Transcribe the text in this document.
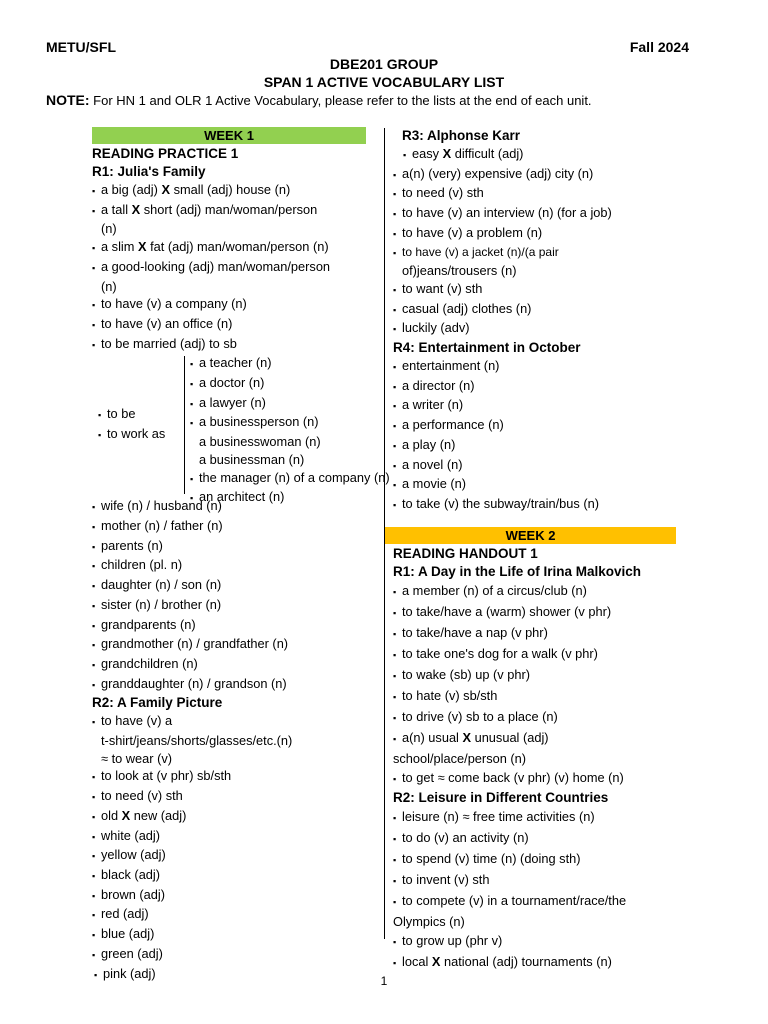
METU/SFL	Fall 2024
DBE201 GROUP
SPAN 1 ACTIVE VOCABULARY LIST
NOTE: For HN 1 and OLR 1 Active Vocabulary, please refer to the lists at the end of each unit.
WEEK 1
READING PRACTICE 1
R1: Julia's Family
▪ a big (adj) X small (adj) house (n)
▪ a tall X short (adj) man/woman/person
(n)
▪ a slim X fat (adj) man/woman/person (n)
▪ a good-looking (adj) man/woman/person
(n)
▪ to have (v) a company (n)
▪ to have (v) an office (n)
▪ to be married (adj) to sb
▪ to be
▪ to work as
▪ a teacher (n)
▪ a doctor (n)
▪ a lawyer (n)
▪ a businessperson (n)
a businesswoman (n)
a businessman (n)
▪ the manager (n) of a company (n)
▪ an architect (n)
▪ wife (n) / husband (n)
▪ mother (n) / father (n)
▪ parents (n)
▪ children (pl. n)
▪ daughter (n) / son (n)
▪ sister (n) / brother (n)
▪ grandparents (n)
▪ grandmother (n) / grandfather (n)
▪ grandchildren (n)
▪ granddaughter (n) / grandson (n)
R2: A Family Picture
▪ to have (v) a
t-shirt/jeans/shorts/glasses/etc.(n)
≈ to wear (v)
▪ to look at (v phr) sb/sth
▪ to need (v) sth
▪ old X new (adj)
▪ white (adj)
▪ yellow (adj)
▪ black (adj)
▪ brown (adj)
▪ red (adj)
▪ blue (adj)
▪ green (adj)
▪ pink (adj)
R3: Alphonse Karr
▪ easy X difficult (adj)
▪ a(n) (very) expensive (adj) city (n)
▪ to need (v) sth
▪ to have (v) an interview (n) (for a job)
▪ to have (v) a problem (n)
▪ to have (v) a jacket (n)/(a pair
of)jeans/trousers (n)
▪ to want (v) sth
▪ casual (adj) clothes (n)
▪ luckily (adv)
R4: Entertainment in October
▪ entertainment (n)
▪ a director (n)
▪ a writer (n)
▪ a performance (n)
▪ a play (n)
▪ a novel (n)
▪ a movie (n)
▪ to take (v) the subway/train/bus (n)
WEEK 2
READING HANDOUT 1
R1: A Day in the Life of Irina Malkovich
▪ a member (n) of a circus/club (n)
▪ to take/have a (warm) shower (v phr)
▪ to take/have a nap (v phr)
▪ to take one's dog for a walk (v phr)
▪ to wake (sb) up (v phr)
▪ to hate (v) sb/sth
▪ to drive (v) sb to a place (n)
▪ a(n) usual X unusual (adj)
school/place/person (n)
▪ to get ≈ come back (v phr) (v) home (n)
R2: Leisure in Different Countries
▪ leisure (n) ≈ free time activities (n)
▪ to do (v) an activity (n)
▪ to spend (v) time (n) (doing sth)
▪ to invent (v) sth
▪ to compete (v) in a tournament/race/the
Olympics (n)
▪ to grow up (phr v)
▪ local X national (adj) tournaments (n)
1
